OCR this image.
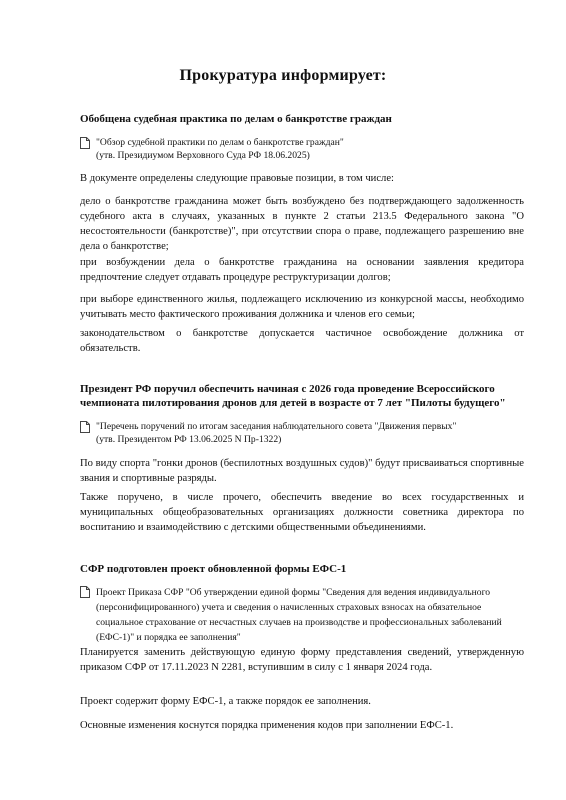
Прокуратура информирует:
Обобщена судебная практика по делам о банкротстве граждан
"Обзор судебной практики по делам о банкротстве граждан"
(утв. Президиумом Верховного Суда РФ 18.06.2025)
В документе определены следующие правовые позиции, в том числе:
дело о банкротстве гражданина может быть возбуждено без подтверждающего задолженность судебного акта в случаях, указанных в пункте 2 статьи 213.5 Федерального закона "О несостоятельности (банкротстве)", при отсутствии спора о праве, подлежащего разрешению вне дела о банкротстве;
при возбуждении дела о банкротстве гражданина на основании заявления кредитора предпочтение следует отдавать процедуре реструктуризации долгов;
при выборе единственного жилья, подлежащего исключению из конкурсной массы, необходимо учитывать место фактического проживания должника и членов его семьи;
законодательством о банкротстве допускается частичное освобождение должника от обязательств.
Президент РФ поручил обеспечить начиная с 2026 года проведение Всероссийского чемпионата пилотирования дронов для детей в возрасте от 7 лет "Пилоты будущего"
"Перечень поручений по итогам заседания наблюдательного совета "Движения первых"
(утв. Президентом РФ 13.06.2025 N Пр-1322)
По виду спорта "гонки дронов (беспилотных воздушных судов)" будут присваиваться спортивные звания и спортивные разряды.
Также поручено, в числе прочего, обеспечить введение во всех государственных и муниципальных общеобразовательных организациях должности советника директора по воспитанию и взаимодействию с детскими общественными объединениями.
СФР подготовлен проект обновленной формы ЕФС-1
Проект Приказа СФР "Об утверждении единой формы "Сведения для ведения индивидуального (персонифицированного) учета и сведения о начисленных страховых взносах на обязательное социальное страхование от несчастных случаев на производстве и профессиональных заболеваний (ЕФС-1)" и порядка ее заполнения"
Планируется заменить действующую единую форму представления сведений, утвержденную приказом СФР от 17.11.2023 N 2281, вступившим в силу с 1 января 2024 года.
Проект содержит форму ЕФС-1, а также порядок ее заполнения.
Основные изменения коснутся порядка применения кодов при заполнении ЕФС-1.
